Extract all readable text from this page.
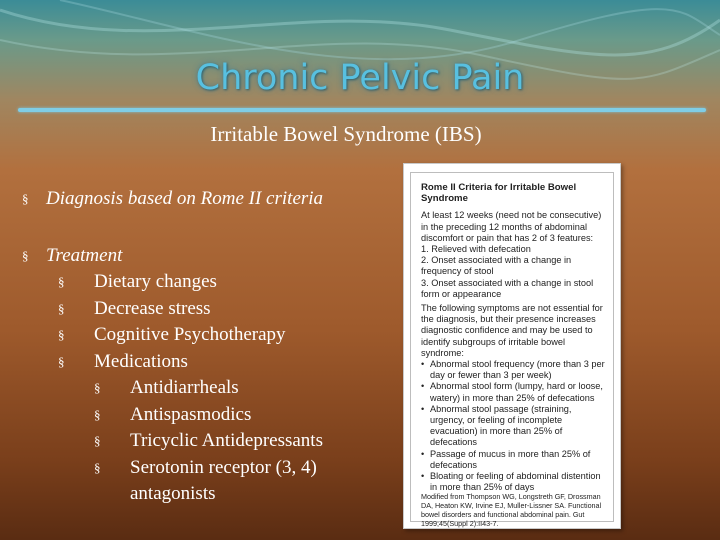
Chronic Pelvic Pain
Irritable Bowel Syndrome (IBS)
§ Diagnosis based on Rome II criteria
§ Treatment
§ Dietary changes
§ Decrease stress
§ Cognitive Psychotherapy
§ Medications
§ Antidiarrheals
§ Antispasmodics
§ Tricyclic Antidepressants
§ Serotonin receptor (3, 4) antagonists
Rome II Criteria for Irritable Bowel Syndrome

At least 12 weeks (need not be consecutive) in the preceding 12 months of abdominal discomfort or pain that has 2 of 3 features:

1. Relieved with defecation

2. Onset associated with a change in frequency of stool

3. Onset associated with a change in stool form or appearance

The following symptoms are not essential for the diagnosis, but their presence increases diagnostic confidence and may be used to identify subgroups of irritable bowel syndrome:

• Abnormal stool frequency (more than 3 per day or fewer than 3 per week)
• Abnormal stool form (lumpy, hard or loose, watery) in more than 25% of defecations
• Abnormal stool passage (straining, urgency, or feeling of incomplete evacuation) in more than 25% of defecations
• Passage of mucus in more than 25% of defecations
• Bloating or feeling of abdominal distention in more than 25% of days

Modified from Thompson WG, Longstreth GF, Drossman DA, Heaton KW, Irvine EJ, Muller-Lissner SA. Functional bowel disorders and functional abdominal pain. Gut 1999;45(Suppl 2):II43-7.
